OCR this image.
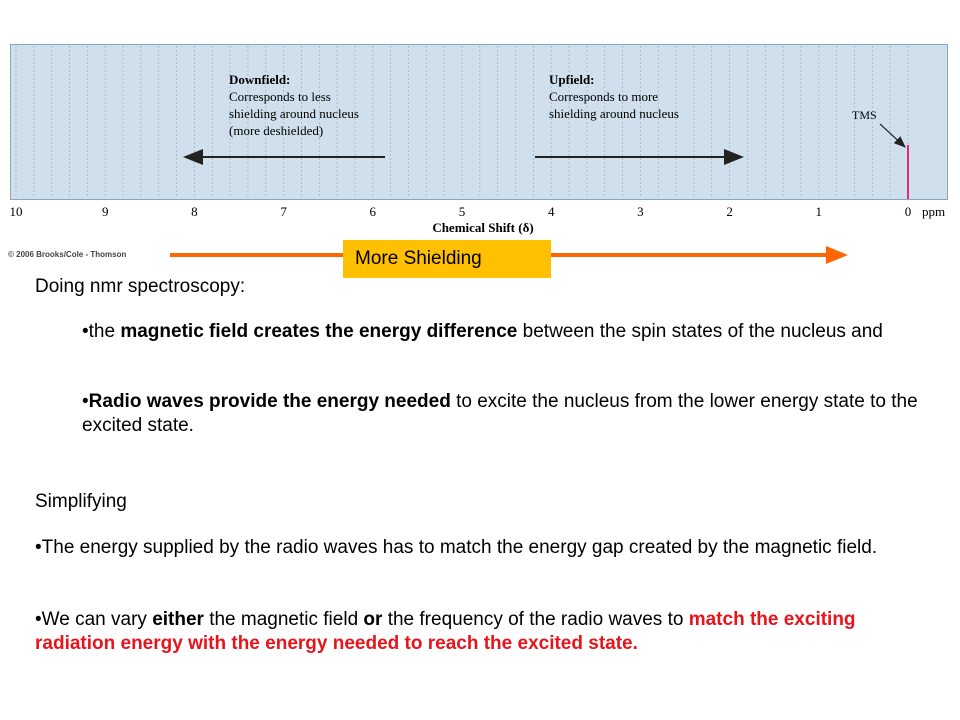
Downfield:
Corresponds to less
shielding around nucleus
(more deshielded)
Upfield:
Corresponds to more
shielding around nucleus	TMS
10	9	8	7	6	5	4	3	2	1	0 ppm
Chemical Shift (δ)
© 2006 Brooks/Cole - Thomson	More Shielding
Doing nmr spectroscopy:
•the magnetic field creates the energy difference between the spin states of the nucleus and
•Radio waves provide the energy needed to excite the nucleus from the lower energy state to the excited state.
Simplifying
•The energy supplied by the radio waves has to match the energy gap created by the magnetic field.
•We can vary either the magnetic field or the frequency of the radio waves to match the exciting radiation energy with the energy needed to reach the excited state.
